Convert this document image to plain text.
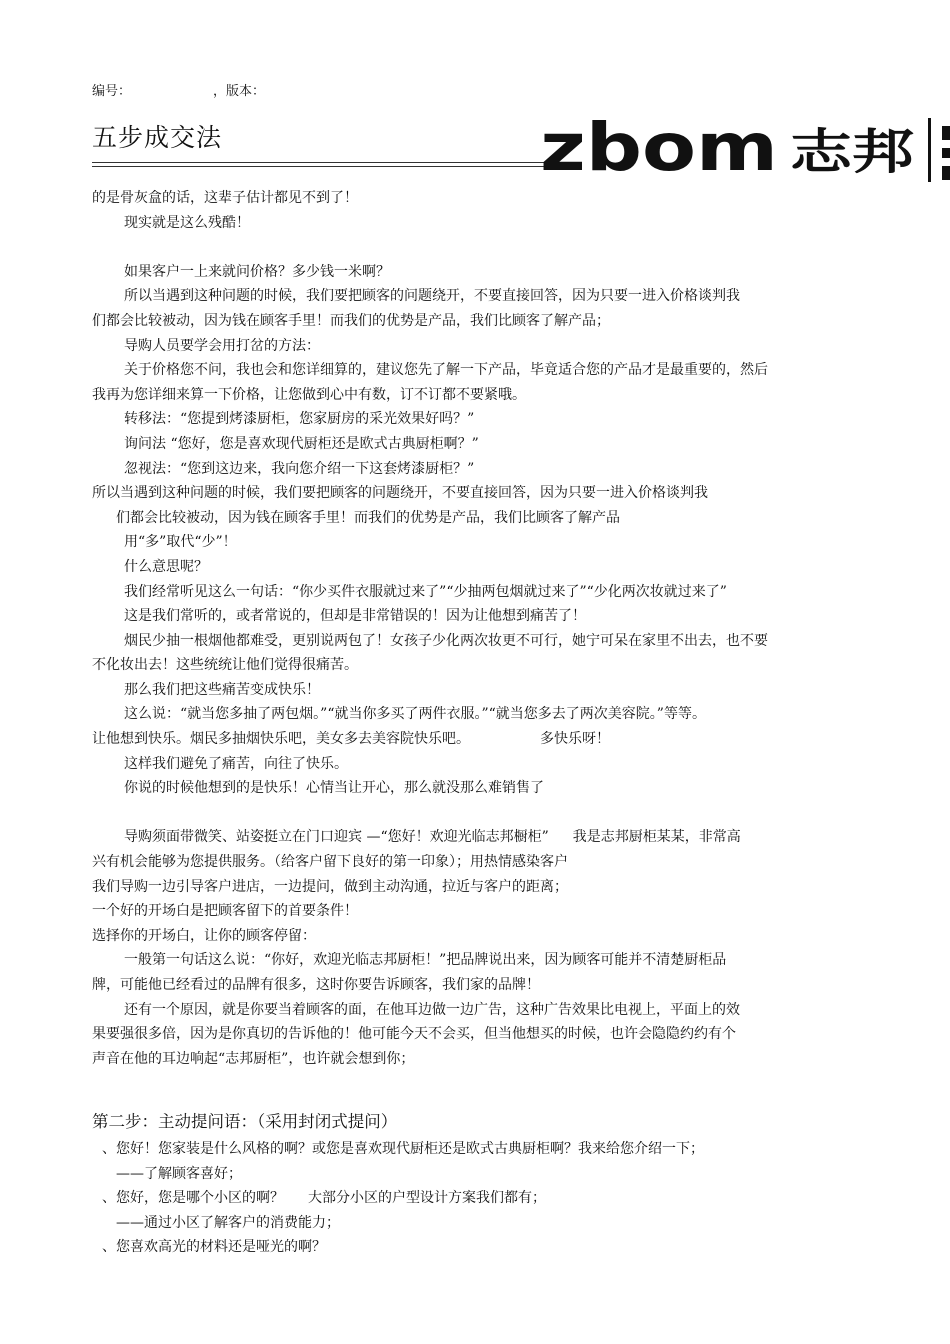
编号：	，版本：
五步成交法	zbom 志邦

的是骨灰盒的话，这辈子估计都见不到了！

现实就是这么残酷！

如果客户一上来就问价格？多少钱一米啊？

所以当遇到这种问题的时候，我们要把顾客的问题绕开，不要直接回答，因为只要一进入价格谈判我

们都会比较被动，因为钱在顾客手里！而我们的优势是产品，我们比顾客了解产品；

导购人员要学会用打岔的方法：

关于价格您不问，我也会和您详细算的，建议您先了解一下产品，毕竟适合您的产品才是最重要的，然后

我再为您详细来算一下价格，让您做到心中有数，订不订都不要紧哦。

转移法：“您提到烤漆厨柜，您家厨房的采光效果好吗？”

询问法 “您好，您是喜欢现代厨柜还是欧式古典厨柜啊？”

忽视法：“您到这边来，我向您介绍一下这套烤漆厨柜？”

所以当遇到这种问题的时候，我们要把顾客的问题绕开，不要直接回答，因为只要一进入价格谈判我

们都会比较被动，因为钱在顾客手里！而我们的优势是产品，我们比顾客了解产品

用“多”取代“少”！

什么意思呢？

我们经常听见这么一句话：“你少买件衣服就过来了”“少抽两包烟就过来了”“少化两次妆就过来了”

这是我们常听的，或者常说的，但却是非常错误的！因为让他想到痛苦了！

烟民少抽一根烟他都难受，更别说两包了！女孩子少化两次妆更不可行，她宁可呆在家里不出去，也不要

不化妆出去！这些统统让他们觉得很痛苦。

那么我们把这些痛苦变成快乐！

这么说：“就当您多抽了两包烟。”“就当你多买了两件衣服。”“就当您多去了两次美容院。”等等。

让他想到快乐。烟民多抽烟快乐吧，美女多去美容院快乐吧。	多快乐呀！

这样我们避免了痛苦，向往了快乐。

你说的时候他想到的是快乐！心情当让开心，那么就没那么难销售了

导购须面带微笑、站姿挺立在门口迎宾 —“您好！欢迎光临志邦橱柜” 我是志邦厨柜某某，非常高

兴有机会能够为您提供服务。（给客户留下良好的第一印象）；用热情感染客户

我们导购一边引导客户进店，一边提问，做到主动沟通，拉近与客户的距离；

一个好的开场白是把顾客留下的首要条件！

选择你的开场白，让你的顾客停留：

一般第一句话这么说：“你好，欢迎光临志邦厨柜！”把品牌说出来，因为顾客可能并不清楚厨柜品

牌，可能他已经看过的品牌有很多，这时你要告诉顾客，我们家的品牌！

还有一个原因，就是你要当着顾客的面，在他耳边做一边广告，这种广告效果比电视上，平面上的效

果要强很多倍，因为是你真切的告诉他的！他可能今天不会买，但当他想买的时候，也许会隐隐约约有个

声音在他的耳边响起“志邦厨柜”，也许就会想到你；

第二步：主动提问语：（采用封闭式提问）

、您好！您家装是什么风格的啊？或您是喜欢现代厨柜还是欧式古典厨柜啊？我来给您介绍一下；

——了解顾客喜好；

、您好，您是哪个小区的啊？ 大部分小区的户型设计方案我们都有；

——通过小区了解客户的消费能力；

、您喜欢高光的材料还是哑光的啊？
